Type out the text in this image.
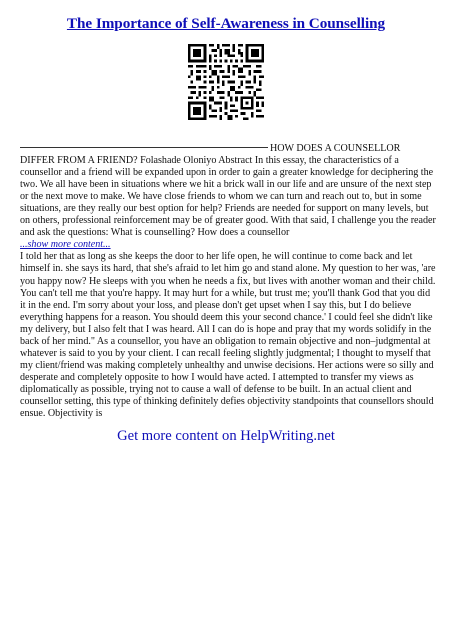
The Importance of Self-Awareness in Counselling
HOW DOES A COUNSELLOR DIFFER FROM A FRIEND? Folashade Oloniyo Abstract In this essay, the characteristics of a counsellor and a friend will be expanded upon in order to gain a greater knowledge for deciphering the two. We all have been in situations where we hit a brick wall in our life and are unsure of the next step or the next move to make. We have close friends to whom we can turn and reach out to, but in some situations, are they really our best option for help? Friends are needed for support on many levels, but on others, professional reinforcement may be of greater good. With that said, I challenge you the reader and ask the questions: What is counselling? How does a counsellor
...show more content...
I told her that as long as she keeps the door to her life open, he will continue to come back and let himself in. she says its hard, that she's afraid to let him go and stand alone. My question to her was, 'are you happy now? He sleeps with you when he needs a fix, but lives with another woman and their child. You can't tell me that you're happy. It may hurt for a while, but trust me; you'll thank God that you did it in the end. I'm sorry about your loss, and please don't get upset when I say this, but I do believe everything happens for a reason. You should deem this your second chance.' I could feel she didn't like my delivery, but I also felt that I was heard. All I can do is hope and pray that my words solidify in the back of her mind." As a counsellor, you have an obligation to remain objective and non–judgmental at whatever is said to you by your client. I can recall feeling slightly judgmental; I thought to myself that my client/friend was making completely unhealthy and unwise decisions. Her actions were so silly and desperate and completely opposite to how I would have acted. I attempted to transfer my views as diplomatically as possible, trying not to cause a wall of defense to be built. In an actual client and counsellor setting, this type of thinking definitely defies objectivity standpoints that counsellors should ensue. Objectivity is
Get more content on HelpWriting.net
